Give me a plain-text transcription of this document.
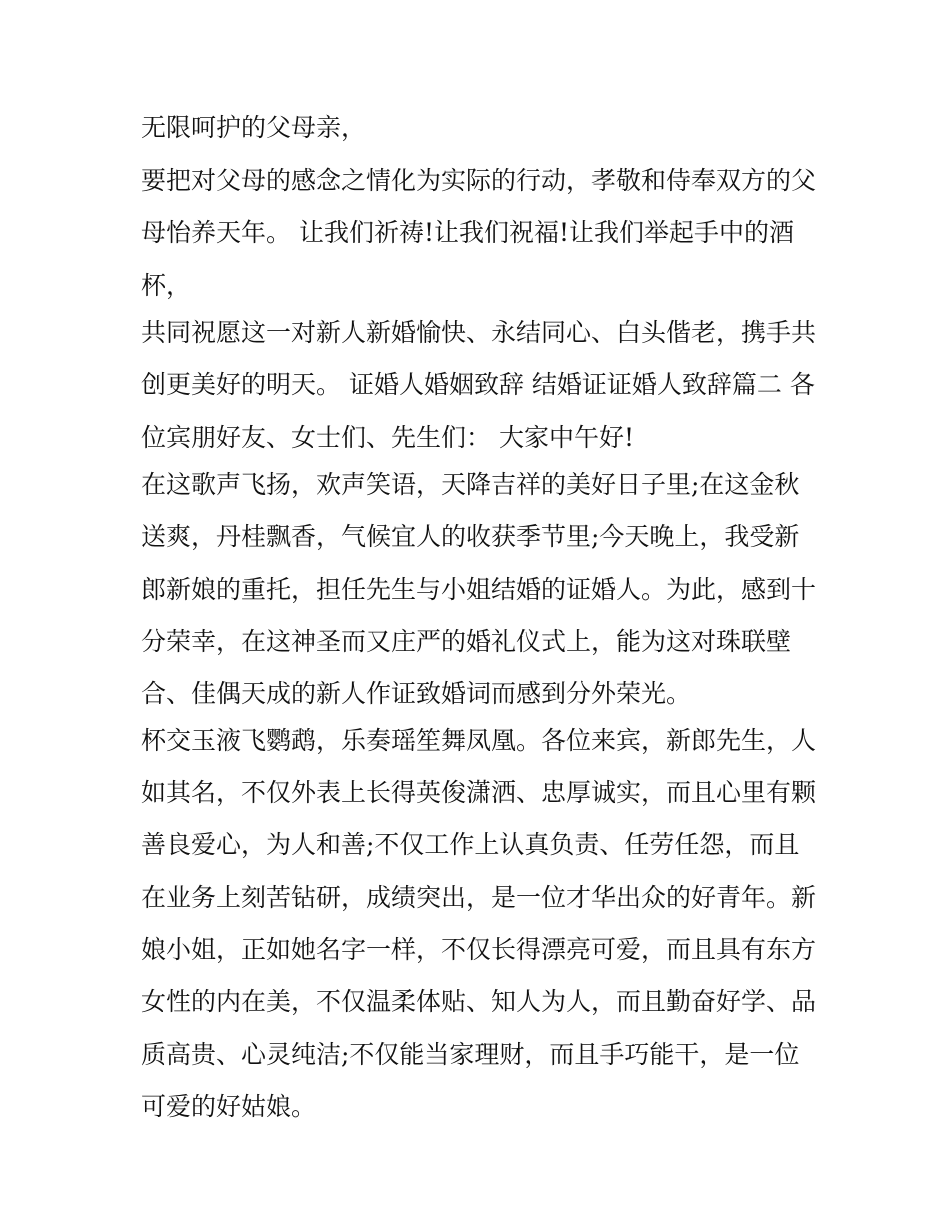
无限呵护的父母亲，
要把对父母的感念之情化为实际的行动，孝敬和侍奉双方的父
母怡养天年。 让我们祈祷!让我们祝福!让我们举起手中的酒
杯，
共同祝愿这一对新人新婚愉快、永结同心、白头偕老，携手共
创更美好的明天。 证婚人婚姻致辞 结婚证证婚人致辞篇二 各
位宾朋好友、女士们、先生们： 大家中午好!
在这歌声飞扬，欢声笑语，天降吉祥的美好日子里;在这金秋
送爽，丹桂飘香，气候宜人的收获季节里;今天晚上，我受新
郎新娘的重托，担任先生与小姐结婚的证婚人。为此，感到十
分荣幸，在这神圣而又庄严的婚礼仪式上，能为这对珠联壁
合、佳偶天成的新人作证致婚词而感到分外荣光。
杯交玉液飞鹦鹉，乐奏瑶笙舞凤凰。各位来宾，新郎先生，人
如其名，不仅外表上长得英俊潇洒、忠厚诚实，而且心里有颗
善良爱心，为人和善;不仅工作上认真负责、任劳任怨，而且
在业务上刻苦钻研，成绩突出，是一位才华出众的好青年。新
娘小姐，正如她名字一样，不仅长得漂亮可爱，而且具有东方
女性的内在美，不仅温柔体贴、知人为人，而且勤奋好学、品
质高贵、心灵纯洁;不仅能当家理财，而且手巧能干，是一位
可爱的好姑娘。
